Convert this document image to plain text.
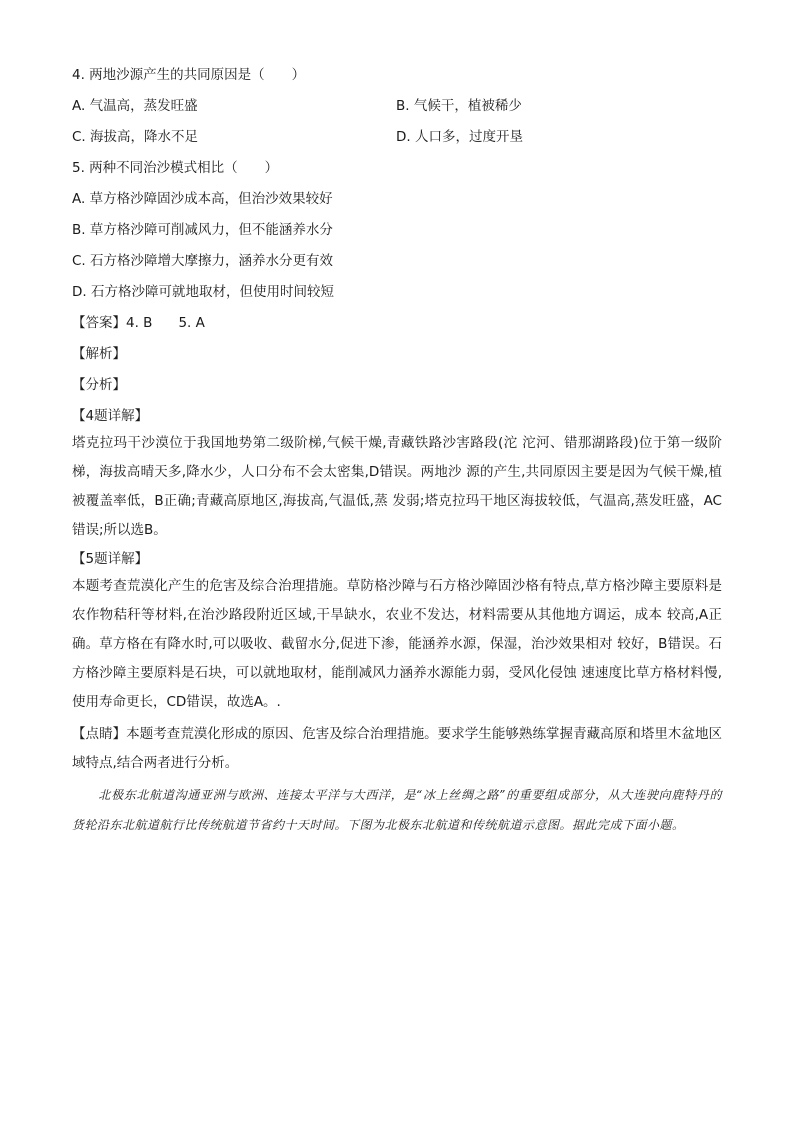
4. 两地沙源产生的共同原因是（　　）
A. 气温高，蒸发旺盛	B. 气候干，植被稀少
C. 海拔高，降水不足	D. 人口多，过度开垦
5. 两种不同治沙模式相比（　　）
A. 草方格沙障固沙成本高，但治沙效果较好
B. 草方格沙障可削减风力，但不能涵养水分
C. 石方格沙障增大摩擦力，涵养水分更有效
D. 石方格沙障可就地取材，但使用时间较短
【答案】4. B 5. A
【解析】
【分析】
【4题详解】

塔克拉玛干沙漠位于我国地势第二级阶梯,气候干燥,青藏铁路沙害路段(沱 沱河、错那湖路段)位于第一级阶梯，海拔高晴天多,降水少，人口分布不会太密集,D错误。两地沙 源的产生,共同原因主要是因为气候干燥,植被覆盖率低，B正确;青藏高原地区,海拔高,气温低,蒸 发弱;塔克拉玛干地区海拔较低，气温高,蒸发旺盛，AC错误;所以选B。

【5题详解】

本题考查荒漠化产生的危害及综合治理措施。草防格沙障与石方格沙障固沙格有特点,草方格沙障主要原料是农作物秸秆等材料,在治沙路段附近区域,干旱缺水，农业不发达，材料需要从其他地方调运，成本 较高,A正确。草方格在有降水时,可以吸收、截留水分,促进下渗，能涵养水源，保湿，治沙效果相对 较好，B错误。石方格沙障主要原料是石块，可以就地取材，能削减风力涵养水源能力弱，受风化侵蚀 速速度比草方格材料慢,使用寿命更长，CD错误，故选A。.

【点睛】本题考查荒漠化形成的原因、危害及综合治理措施。要求学生能够熟练掌握青藏高原和塔里木盆地区域特点,结合两者进行分析。

北极东北航道沟通亚洲与欧洲、连接太平洋与大西洋，是“冰上丝绸之路”的重要组成部分，从大连驶向鹿特丹的货轮沿东北航道航行比传统航道节省约十天时间。下图为北极东北航道和传统航道示意图。据此完成下面小题。
